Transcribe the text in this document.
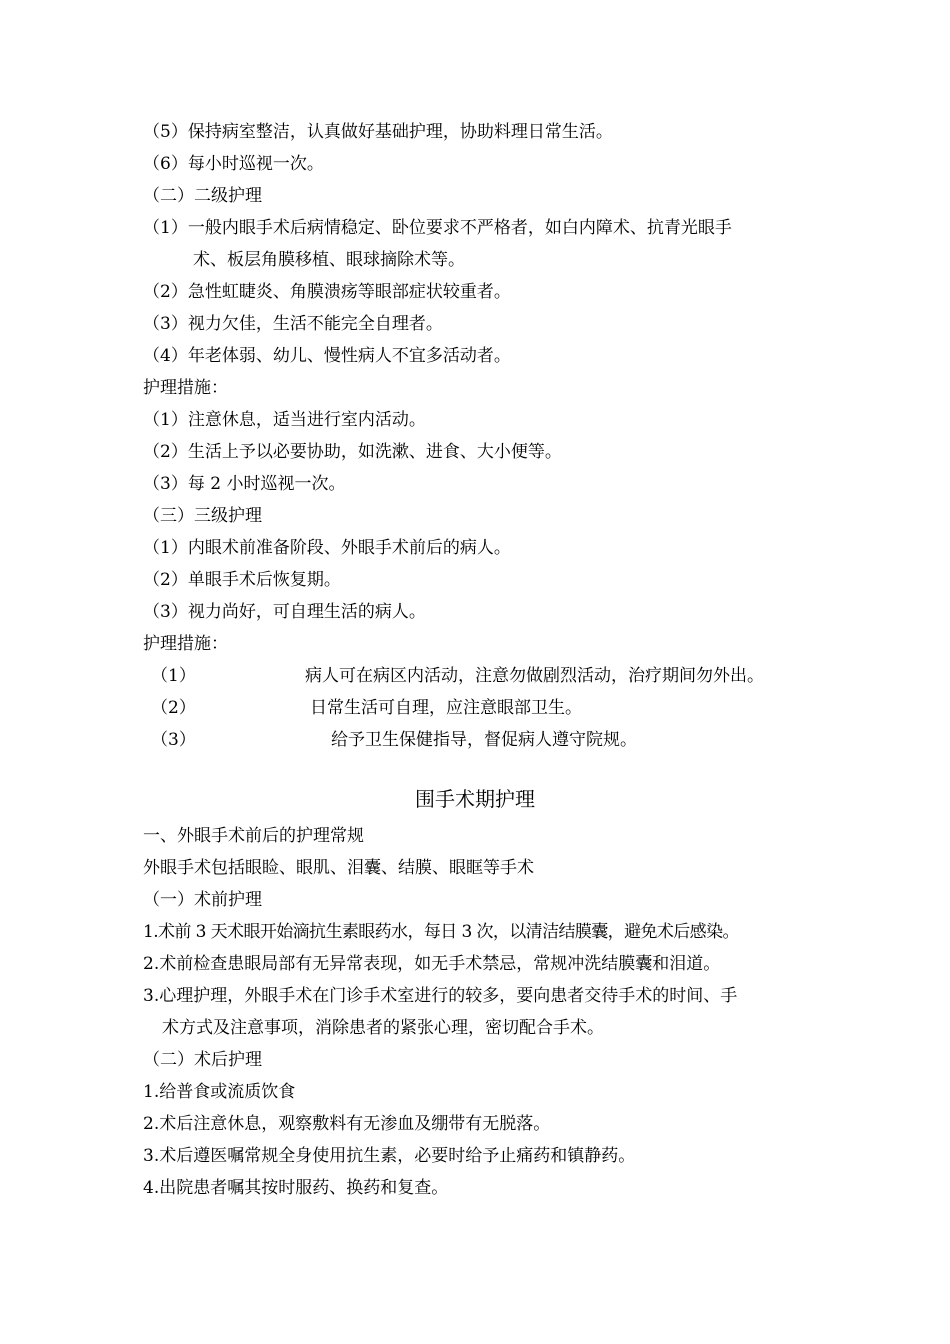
（5）保持病室整洁，认真做好基础护理，协助料理日常生活。
（6）每小时巡视一次。
（二）二级护理
（1）一般内眼手术后病情稳定、卧位要求不严格者，如白内障术、抗青光眼手
术、板层角膜移植、眼球摘除术等。
（2）急性虹睫炎、角膜溃疡等眼部症状较重者。
（3）视力欠佳，生活不能完全自理者。
（4）年老体弱、幼儿、慢性病人不宜多活动者。
护理措施：
（1）注意休息，适当进行室内活动。
（2）生活上予以必要协助，如洗漱、进食、大小便等。
（3）每 2 小时巡视一次。
（三）三级护理
（1）内眼术前准备阶段、外眼手术前后的病人。
（2）单眼手术后恢复期。
（3）视力尚好，可自理生活的病人。
护理措施：
（1）	病人可在病区内活动，注意勿做剧烈活动，治疗期间勿外出。
（2）	日常生活可自理，应注意眼部卫生。
（3）	给予卫生保健指导，督促病人遵守院规。
围手术期护理
一、外眼手术前后的护理常规
外眼手术包括眼睑、眼肌、泪囊、结膜、眼眶等手术
（一）术前护理
1.术前 3 天术眼开始滴抗生素眼药水，每日 3 次，以清洁结膜囊，避免术后感染。
2.术前检查患眼局部有无异常表现，如无手术禁忌，常规冲洗结膜囊和泪道。
3.心理护理，外眼手术在门诊手术室进行的较多，要向患者交待手术的时间、手
术方式及注意事项，消除患者的紧张心理，密切配合手术。
（二）术后护理
1.给普食或流质饮食
2.术后注意休息，观察敷料有无渗血及绷带有无脱落。
3.术后遵医嘱常规全身使用抗生素，必要时给予止痛药和镇静药。
4.出院患者嘱其按时服药、换药和复查。
